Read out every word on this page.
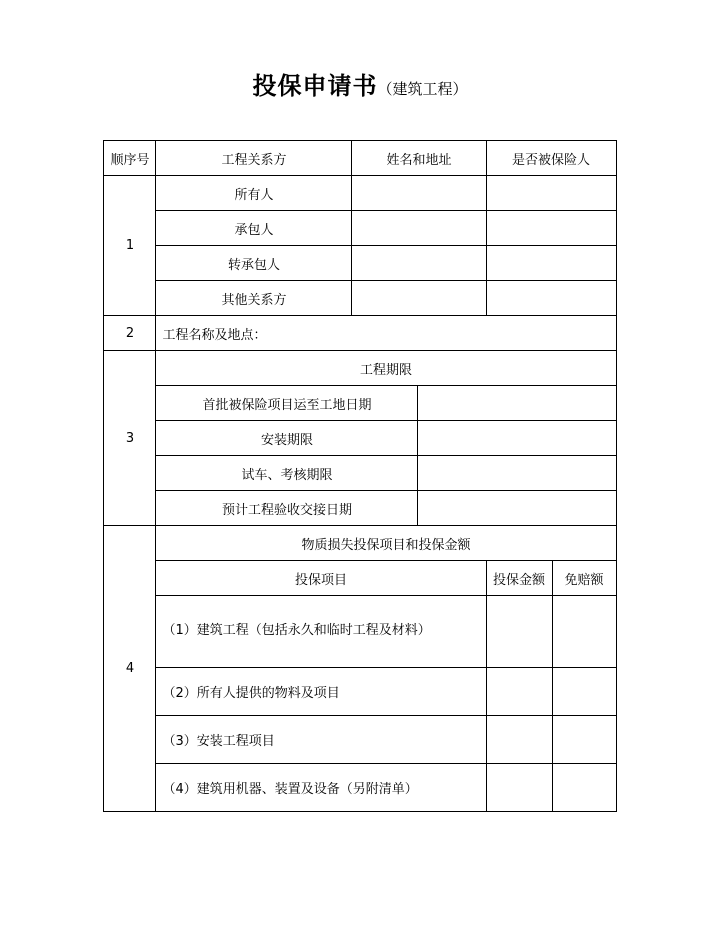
投保申请书（建筑工程）
顺序号	工程关系方	姓名和地址		是否被保险人	
1	所有人				
	承包人				
	转承包人				
	其他关系方				
2	工程名称及地点：				
3	工程期限				
	首批被保险项目运至工地日期				
	安装期限				
	试车、考核期限				
	预计工程验收交接日期				
4	物质损失投保项目和投保金额				
	投保项目			投保金额	免赔额
	（1）建筑工程（包括永久和临时工程及材料）				
	（2）所有人提供的物料及项目				
	（3）安装工程项目				
	（4）建筑用机器、装置及设备（另附清单）				
